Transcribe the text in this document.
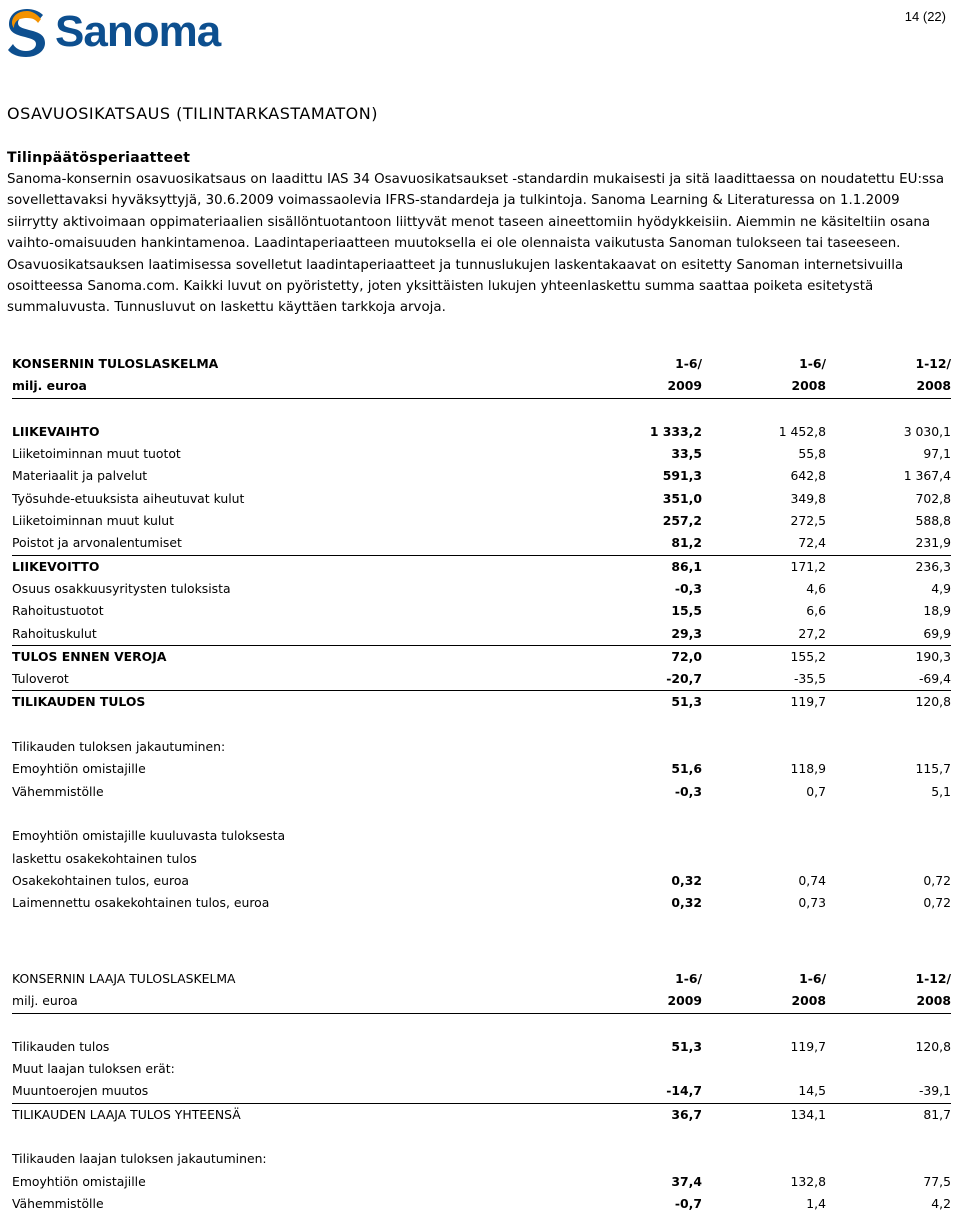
Sanoma	14 (22)
OSAVUOSIKATSAUS (TILINTARKASTAMATON)
Tilinpäätösperiaatteet

Sanoma-konsernin osavuosikatsaus on laadittu IAS 34 Osavuosikatsaukset -standardin mukaisesti ja sitä laadittaessa on noudatettu EU:ssa sovellettavaksi hyväksyttyjä, 30.6.2009 voimassaolevia IFRS-standardeja ja tulkintoja. Sanoma Learning & Literaturessa on 1.1.2009 siirrytty aktivoimaan oppimateriaalien sisällöntuotantoon liittyvät menot taseen aineettomiin hyödykkeisiin. Aiemmin ne käsiteltiin osana vaihto-omaisuuden hankintamenoa. Laadintaperiaatteen muutoksella ei ole olennaista vaikutusta Sanoman tulokseen tai taseeseen. Osavuosikatsauksen laatimisessa sovelletut laadintaperiaatteet ja tunnuslukujen laskentakaavat on esitetty Sanoman internetsivuilla osoitteessa Sanoma.com. Kaikki luvut on pyöristetty, joten yksittäisten lukujen yhteenlaskettu summa saattaa poiketa esitetystä summaluvusta. Tunnusluvut on laskettu käyttäen tarkkoja arvoja.

KONSERNIN TULOSLASKELMA	1-6/	1-6/	1-12/
milj. euroa	2009	2008	2008
LIIKEVAIHTO	1 333,2	1 452,8	3 030,1
Liiketoiminnan muut tuotot	33,5	55,8	97,1
Materiaalit ja palvelut	591,3	642,8	1 367,4
Työsuhde-etuuksista aiheutuvat kulut	351,0	349,8	702,8
Liiketoiminnan muut kulut	257,2	272,5	588,8
Poistot ja arvonalentumiset	81,2	72,4	231,9
LIIKEVOITTO	86,1	171,2	236,3
Osuus osakkuusyritysten tuloksista	-0,3	4,6	4,9
Rahoitustuotot	15,5	6,6	18,9
Rahoituskulut	29,3	27,2	69,9
TULOS ENNEN VEROJA	72,0	155,2	190,3
Tuloverot	-20,7	-35,5	-69,4
TILIKAUDEN TULOS	51,3	119,7	120,8
Tilikauden tuloksen jakautuminen:
Emoyhtiön omistajille	51,6	118,9	115,7
Vähemmistölle	-0,3	0,7	5,1
Emoyhtiön omistajille kuuluvasta tuloksesta
laskettu osakekohtainen tulos
Osakekohtainen tulos, euroa	0,32	0,74	0,72
Laimennettu osakekohtainen tulos, euroa	0,32	0,73	0,72
KONSERNIN LAAJA TULOSLASKELMA	1-6/	1-6/	1-12/
milj. euroa	2009	2008	2008
Tilikauden tulos	51,3	119,7	120,8
Muut laajan tuloksen erät:
Muuntoerojen muutos	-14,7	14,5	-39,1
TILIKAUDEN LAAJA TULOS YHTEENSÄ	36,7	134,1	81,7
Tilikauden laajan tuloksen jakautuminen:
Emoyhtiön omistajille	37,4	132,8	77,5
Vähemmistölle	-0,7	1,4	4,2
